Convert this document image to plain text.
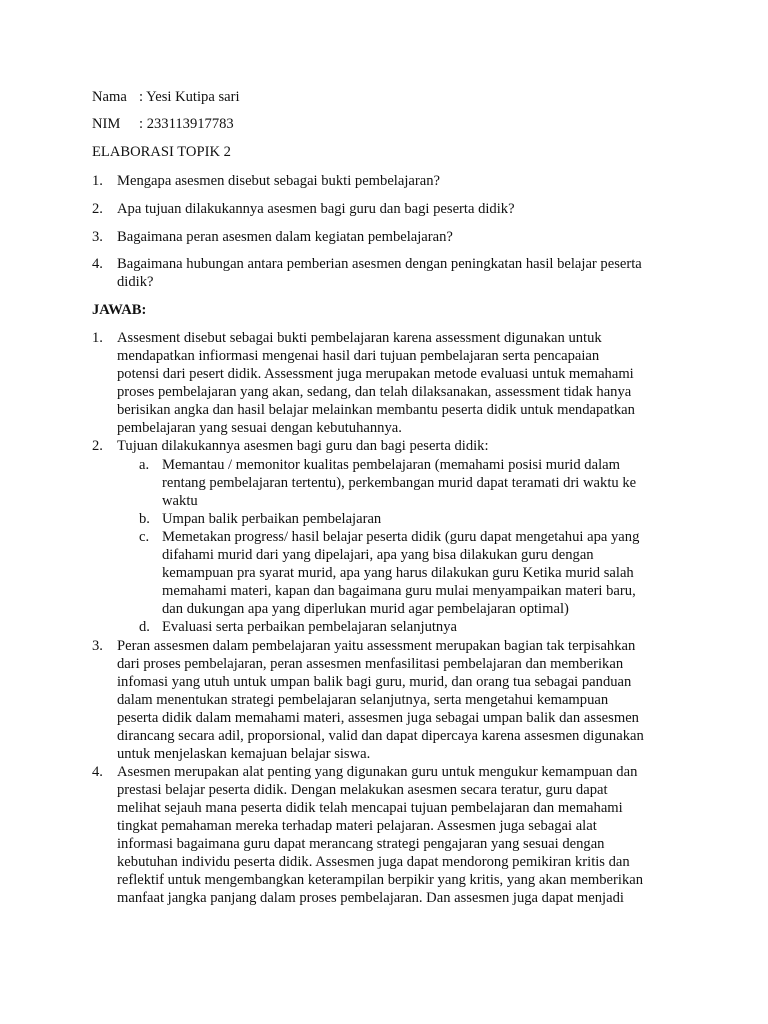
Nama : Yesi Kutipa sari
NIM : 233113917783
ELABORASI TOPIK 2
1. Mengapa asesmen disebut sebagai bukti pembelajaran?
2. Apa tujuan dilakukannya asesmen bagi guru dan bagi peserta didik?
3. Bagaimana peran asesmen dalam kegiatan pembelajaran?
4. Bagaimana hubungan antara pemberian asesmen dengan peningkatan hasil belajar peserta
didik?
JAWAB:
1. Assesment disebut sebagai bukti pembelajaran karena assessment digunakan untuk
mendapatkan infiormasi mengenai hasil dari tujuan pembelajaran serta pencapaian
potensi dari pesert didik. Assessment juga merupakan metode evaluasi untuk memahami
proses pembelajaran yang akan, sedang, dan telah dilaksanakan, assessment tidak hanya
berisikan angka dan hasil belajar melainkan membantu peserta didik untuk mendapatkan
pembelajaran yang sesuai dengan kebutuhannya.
2. Tujuan dilakukannya asesmen bagi guru dan bagi peserta didik:
a. Memantau / memonitor kualitas pembelajaran (memahami posisi murid dalam
rentang pembelajaran tertentu), perkembangan murid dapat teramati dri waktu ke
waktu
b. Umpan balik perbaikan pembelajaran
c. Memetakan progress/ hasil belajar peserta didik (guru dapat mengetahui apa yang
difahami murid dari yang dipelajari, apa yang bisa dilakukan guru dengan
kemampuan pra syarat murid, apa yang harus dilakukan guru Ketika murid salah
memahami materi, kapan dan bagaimana guru mulai menyampaikan materi baru,
dan dukungan apa yang diperlukan murid agar pembelajaran optimal)
d. Evaluasi serta perbaikan pembelajaran selanjutnya
3. Peran assesmen dalam pembelajaran yaitu assessment merupakan bagian tak terpisahkan
dari proses pembelajaran, peran assesmen menfasilitasi pembelajaran dan memberikan
infomasi yang utuh untuk umpan balik bagi guru, murid, dan orang tua sebagai panduan
dalam menentukan strategi pembelajaran selanjutnya, serta mengetahui kemampuan
peserta didik dalam memahami materi, assesmen juga sebagai umpan balik dan assesmen
dirancang secara adil, proporsional, valid dan dapat dipercaya karena assesmen digunakan
untuk menjelaskan kemajuan belajar siswa.
4. Asesmen merupakan alat penting yang digunakan guru untuk mengukur kemampuan dan
prestasi belajar peserta didik. Dengan melakukan asesmen secara teratur, guru dapat
melihat sejauh mana peserta didik telah mencapai tujuan pembelajaran dan memahami
tingkat pemahaman mereka terhadap materi pelajaran. Assesmen juga sebagai alat
informasi bagaimana guru dapat merancang strategi pengajaran yang sesuai dengan
kebutuhan individu peserta didik. Assesmen juga dapat mendorong pemikiran kritis dan
reflektif untuk mengembangkan keterampilan berpikir yang kritis, yang akan memberikan
manfaat jangka panjang dalam proses pembelajaran. Dan assesmen juga dapat menjadi
